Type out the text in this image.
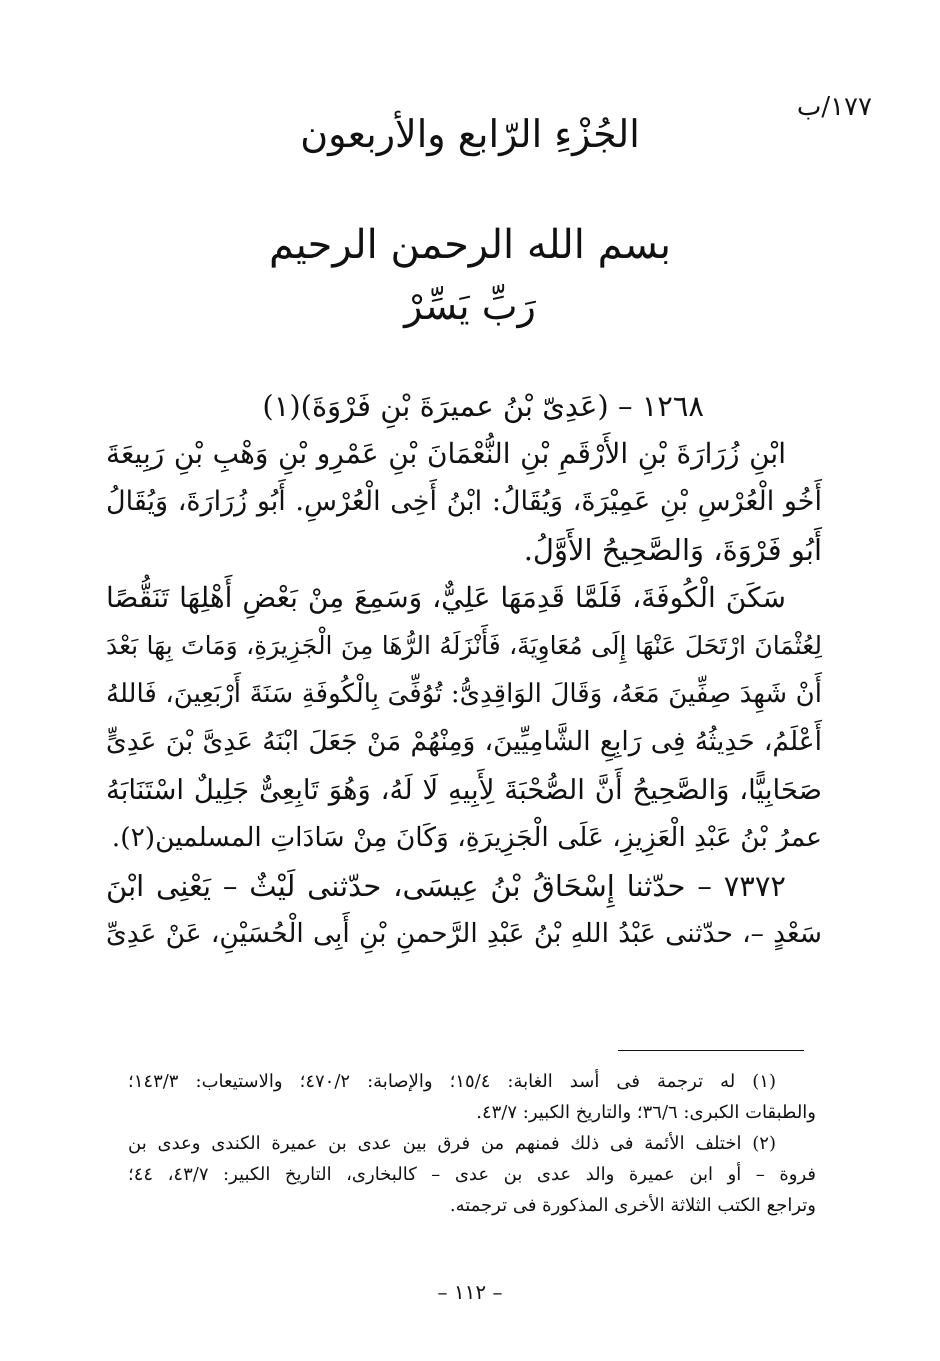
١٧٧/ب
الجُزْءِ الرّابع والأربعون
بسم الله الرحمن الرحيم
رَبِّ يَسِّرْ
١٢٦٨ – (عَدِىّ بْنُ عميرَةَ بْنِ فَرْوَةَ)(١)
ابْنِ زُرَارَةَ بْنِ الأَرْقَمِ بْنِ النُّعْمَانَ بْنِ عَمْرِو بْنِ وَهْبِ بْنِ رَبِيعَةَ
أَخُو الْعُرْسِ بْنِ عَمِيْرَةَ، وَيُقَالُ: ابْنُ أَخِى الْعُرْسِ. أَبُو زُرَارَةَ، وَيُقَالُ
أَبُو فَرْوَةَ، وَالصَّحِيحُ الأَوَّلُ.
سَكَنَ الْكُوفَةَ، فَلَمَّا قَدِمَهَا عَلِيٌّ، وَسَمِعَ مِنْ بَعْضِ أَهْلِهَا تَنَقُّصًا
لِعُثْمَانَ ارْتَحَلَ عَنْهَا إِلَى مُعَاوِيَةَ، فَأَنْزَلَهُ الرُّهَا مِنَ الْجَزِيرَةِ، وَمَاتَ بِهَا بَعْدَ
أَنْ شَهِدَ صِفِّينَ مَعَهُ، وَقَالَ الوَاقِدِىُّ: تُوُفِّىَ بِالْكُوفَةِ سَنَةَ أَرْبَعِينَ، فَاللهُ
أَعْلَمُ، حَدِيثُهُ فِى رَابِعِ الشَّامِيِّينَ، وَمِنْهُمْ مَنْ جَعَلَ ابْنَهُ عَدِىَّ بْنَ عَدِىٍّ
صَحَابِيًّا، وَالصَّحِيحُ أَنَّ الصُّحْبَةَ لِأَبِيهِ لَا لَهُ، وَهُوَ تَابِعِىٌّ جَلِيلٌ اسْتَنَابَهُ
عمرُ بْنُ عَبْدِ الْعَزِيزِ، عَلَى الْجَزِيرَةِ، وَكَانَ مِنْ سَادَاتِ المسلمين(٢).
٧٣٧٢ – حدّثنا إِسْحَاقُ بْنُ عِيسَى، حدّثنى لَيْثٌ – يَعْنِى ابْنَ
سَعْدٍ –، حدّثنى عَبْدُ اللهِ بْنُ عَبْدِ الرَّحمنِ بْنِ أَبِى الْحُسَيْنِ، عَنْ عَدِىِّ
(١) له ترجمة فى أسد الغابة: ١٥/٤؛ والإصابة: ٤٧٠/٢؛ والاستيعاب: ١٤٣/٣؛
والطبقات الكبرى: ٣٦/٦؛ والتاريخ الكبير: ٤٣/٧.
(٢) اختلف الأئمة فى ذلك فمنهم من فرق بين عدى بن عميرة الكندى وعدى بن
فروة – أو ابن عميرة والد عدى بن عدى – كالبخارى، التاريخ الكبير: ٤٣/٧، ٤٤؛
وتراجع الكتب الثلاثة الأخرى المذكورة فى ترجمته.
– ١١٢ –
